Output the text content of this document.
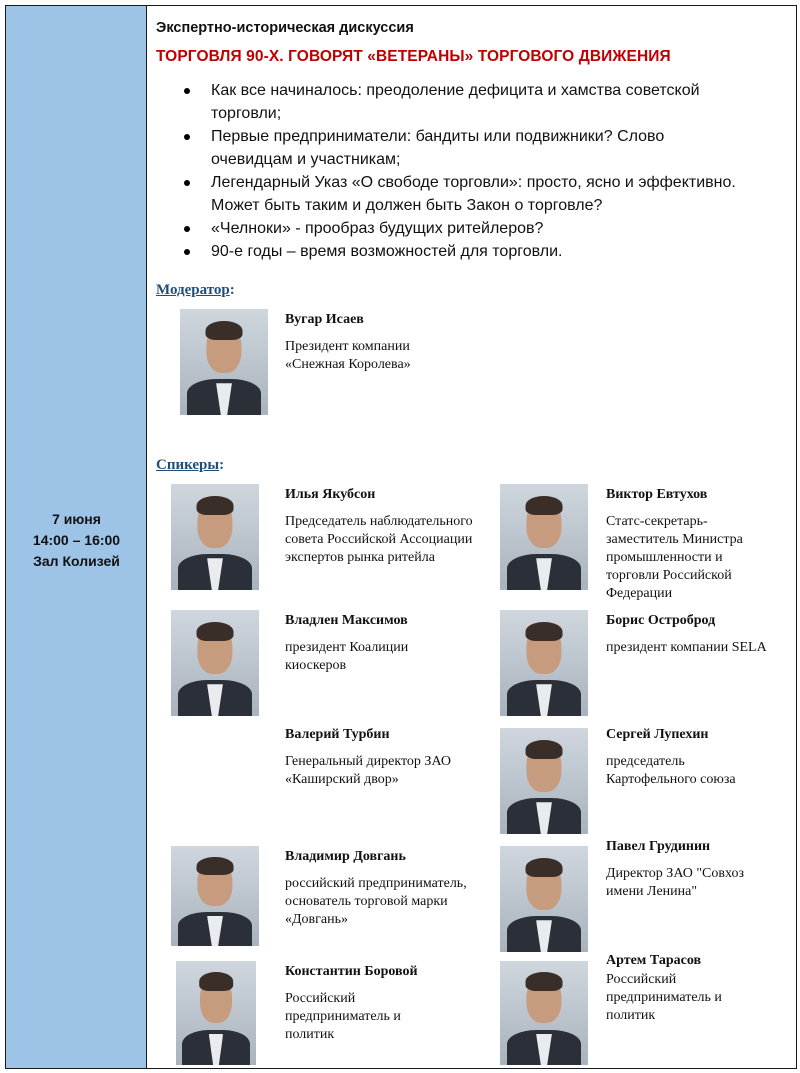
7 июня
14:00 – 16:00
Зал Колизей
Экспертно-историческая дискуссия
ТОРГОВЛЯ 90-Х. ГОВОРЯТ «ВЕТЕРАНЫ» ТОРГОВОГО ДВИЖЕНИЯ
Как все начиналось: преодоление дефицита и хамства советской торговли;
Первые предприниматели: бандиты или подвижники? Слово очевидцам и участникам;
Легендарный Указ «О свободе торговли»: просто, ясно и эффективно. Может быть таким и должен быть Закон о торговле?
«Челноки» - прообраз будущих ритейлеров?
90-е годы – время возможностей для торговли.
Модератор:
Вугар Исаев
Президент компании «Снежная Королева»
Спикеры:
Илья Якубсон
Председатель наблюдательного совета Российской Ассоциации экспертов рынка ритейла
Виктор Евтухов
Статс-секретарь-заместитель Министра промышленности и торговли Российской Федерации
Владлен Максимов
президент Коалиции киоскеров
Борис Остроброд
президент компании SELA
Валерий Турбин
Генеральный директор ЗАО «Каширский двор»
Сергей Лупехин
председатель Картофельного союза
Владимир Довгань
российский предприниматель, основатель торговой марки «Довгань»
Павел Грудинин
Директор ЗАО "Совхоз имени Ленина"
Константин Боровой
Российский предприниматель и политик
Артем Тарасов
Российский предприниматель и политик
